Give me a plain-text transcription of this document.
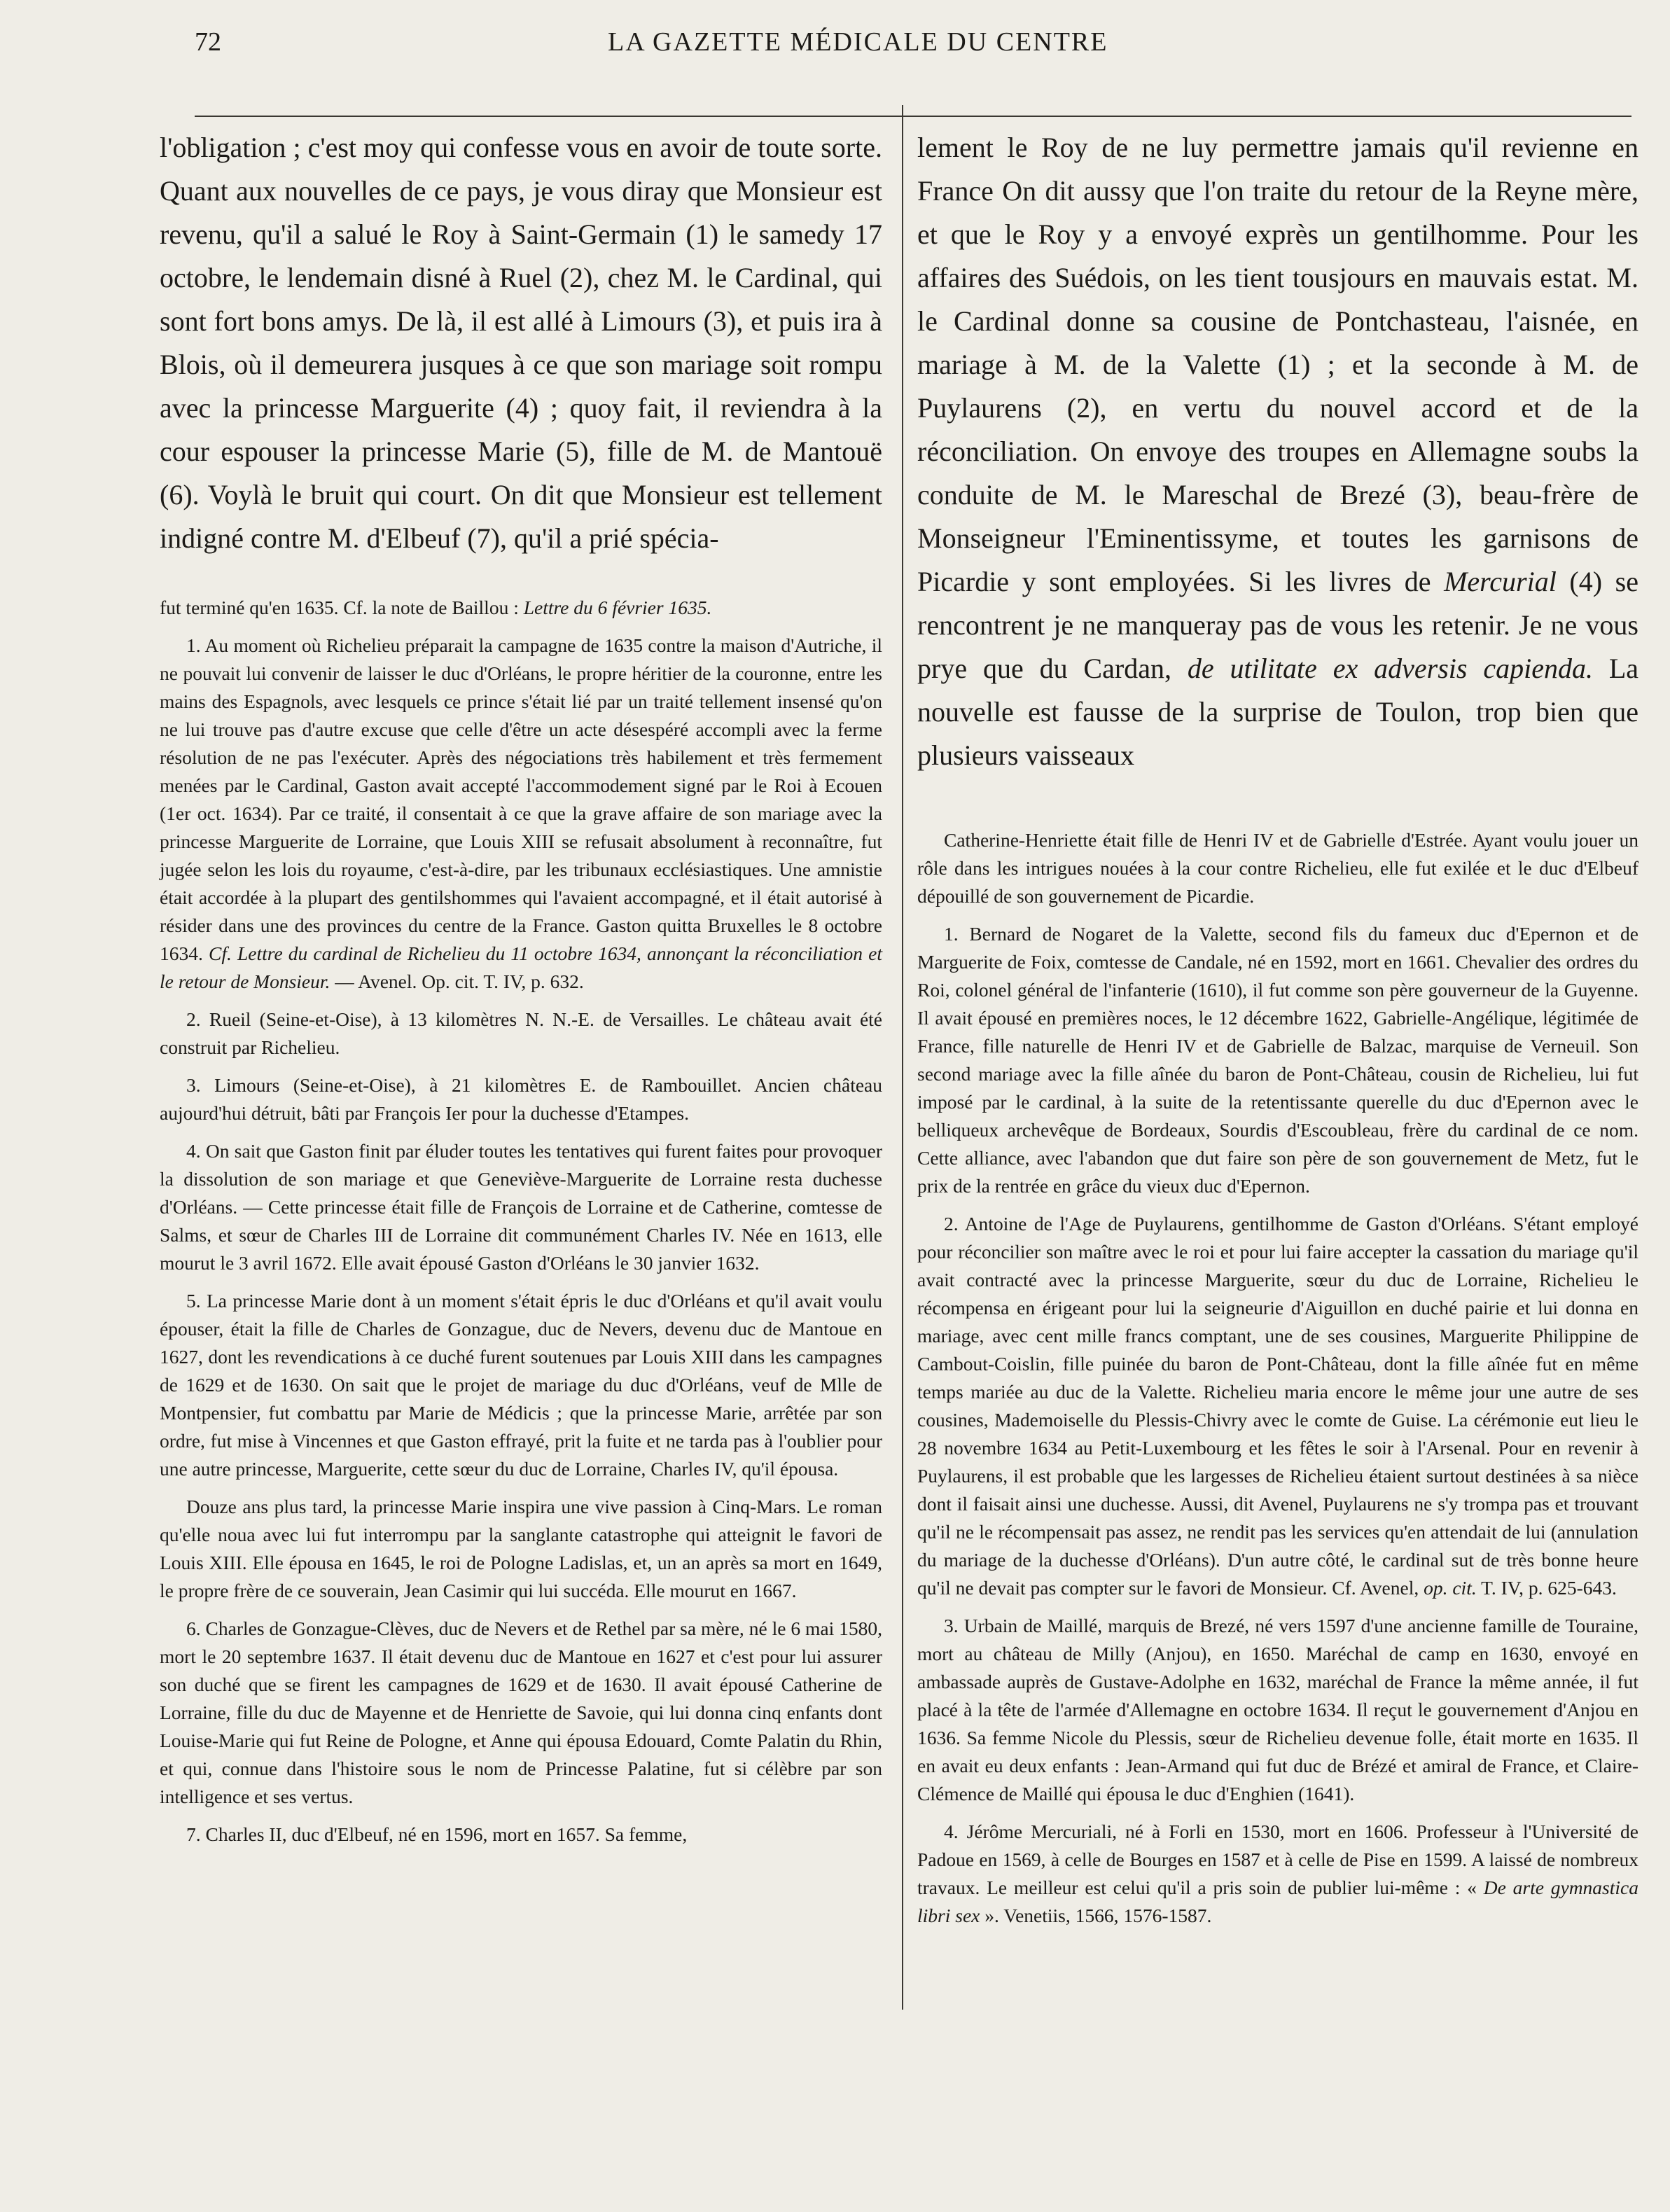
72	LA GAZETTE MÉDICALE DU CENTRE

l'obligation ; c'est moy qui confesse vous en avoir de toute sorte. Quant aux nouvelles de ce pays, je vous diray que Monsieur est revenu, qu'il a salué le Roy à Saint-Germain (1) le samedy 17 octobre, le lendemain disné à Ruel (2), chez M. le Cardinal, qui sont fort bons amys. De là, il est allé à Limours (3), et puis ira à Blois, où il demeurera jusques à ce que son mariage soit rompu avec la princesse Marguerite (4) ; quoy fait, il reviendra à la cour espouser la princesse Marie (5), fille de M. de Mantouë (6). Voylà le bruit qui court. On dit que Monsieur est tellement indigné contre M. d'Elbeuf (7), qu'il a prié spécia-

fut terminé qu'en 1635. Cf. la note de Baillou : Lettre du 6 février 1635.

1. Au moment où Richelieu préparait la campagne de 1635 contre la maison d'Autriche, il ne pouvait lui convenir de laisser le duc d'Orléans, le propre héritier de la couronne, entre les mains des Espagnols, avec lesquels ce prince s'était lié par un traité tellement insensé qu'on ne lui trouve pas d'autre excuse que celle d'être un acte désespéré accompli avec la ferme résolution de ne pas l'exécuter. Après des négociations très habilement et très fermement menées par le Cardinal, Gaston avait accepté l'accommodement signé par le Roi à Ecouen (1er oct. 1634). Par ce traité, il consentait à ce que la grave affaire de son mariage avec la princesse Marguerite de Lorraine, que Louis XIII se refusait absolument à reconnaître, fut jugée selon les lois du royaume, c'est-à-dire, par les tribunaux ecclésiastiques. Une amnistie était accordée à la plupart des gentilshommes qui l'avaient accompagné, et il était autorisé à résider dans une des provinces du centre de la France. Gaston quitta Bruxelles le 8 octobre 1634. Cf. Lettre du cardinal de Richelieu du 11 octobre 1634, annonçant la réconciliation et le retour de Monsieur. — Avenel. Op. cit. T. IV, p. 632.

2. Rueil (Seine-et-Oise), à 13 kilomètres N. N.-E. de Versailles. Le château avait été construit par Richelieu.

3. Limours (Seine-et-Oise), à 21 kilomètres E. de Rambouillet. Ancien château aujourd'hui détruit, bâti par François Ier pour la duchesse d'Etampes.

4. On sait que Gaston finit par éluder toutes les tentatives qui furent faites pour provoquer la dissolution de son mariage et que Geneviève-Marguerite de Lorraine resta duchesse d'Orléans. — Cette princesse était fille de François de Lorraine et de Catherine, comtesse de Salms, et sœur de Charles III de Lorraine dit communément Charles IV. Née en 1613, elle mourut le 3 avril 1672. Elle avait épousé Gaston d'Orléans le 30 janvier 1632.

5. La princesse Marie dont à un moment s'était épris le duc d'Orléans et qu'il avait voulu épouser, était la fille de Charles de Gonzague, duc de Nevers, devenu duc de Mantoue en 1627, dont les revendications à ce duché furent soutenues par Louis XIII dans les campagnes de 1629 et de 1630. On sait que le projet de mariage du duc d'Orléans, veuf de Mlle de Montpensier, fut combattu par Marie de Médicis ; que la princesse Marie, arrêtée par son ordre, fut mise à Vincennes et que Gaston effrayé, prit la fuite et ne tarda pas à l'oublier pour une autre princesse, Marguerite, cette sœur du duc de Lorraine, Charles IV, qu'il épousa.

Douze ans plus tard, la princesse Marie inspira une vive passion à Cinq-Mars. Le roman qu'elle noua avec lui fut interrompu par la sanglante catastrophe qui atteignit le favori de Louis XIII. Elle épousa en 1645, le roi de Pologne Ladislas, et, un an après sa mort en 1649, le propre frère de ce souverain, Jean Casimir qui lui succéda. Elle mourut en 1667.

6. Charles de Gonzague-Clèves, duc de Nevers et de Rethel par sa mère, né le 6 mai 1580, mort le 20 septembre 1637. Il était devenu duc de Mantoue en 1627 et c'est pour lui assurer son duché que se firent les campagnes de 1629 et de 1630. Il avait épousé Catherine de Lorraine, fille du duc de Mayenne et de Henriette de Savoie, qui lui donna cinq enfants dont Louise-Marie qui fut Reine de Pologne, et Anne qui épousa Edouard, Comte Palatin du Rhin, et qui, connue dans l'histoire sous le nom de Princesse Palatine, fut si célèbre par son intelligence et ses vertus.

7. Charles II, duc d'Elbeuf, né en 1596, mort en 1657. Sa femme,

lement le Roy de ne luy permettre jamais qu'il revienne en France On dit aussy que l'on traite du retour de la Reyne mère, et que le Roy y a envoyé exprès un gentilhomme. Pour les affaires des Suédois, on les tient tousjours en mauvais estat. M. le Cardinal donne sa cousine de Pontchasteau, l'aisnée, en mariage à M. de la Valette (1) ; et la seconde à M. de Puylaurens (2), en vertu du nouvel accord et de la réconciliation. On envoye des troupes en Allemagne soubs la conduite de M. le Mareschal de Brezé (3), beau-frère de Monseigneur l'Eminentissyme, et toutes les garnisons de Picardie y sont employées. Si les livres de Mercurial (4) se rencontrent je ne manqueray pas de vous les retenir. Je ne vous prye que du Cardan, de utilitate ex adversis capienda. La nouvelle est fausse de la surprise de Toulon, trop bien que plusieurs vaisseaux

Catherine-Henriette était fille de Henri IV et de Gabrielle d'Estrée. Ayant voulu jouer un rôle dans les intrigues nouées à la cour contre Richelieu, elle fut exilée et le duc d'Elbeuf dépouillé de son gouvernement de Picardie.

1. Bernard de Nogaret de la Valette, second fils du fameux duc d'Epernon et de Marguerite de Foix, comtesse de Candale, né en 1592, mort en 1661. Chevalier des ordres du Roi, colonel général de l'infanterie (1610), il fut comme son père gouverneur de la Guyenne. Il avait épousé en premières noces, le 12 décembre 1622, Gabrielle-Angélique, légitimée de France, fille naturelle de Henri IV et de Gabrielle de Balzac, marquise de Verneuil. Son second mariage avec la fille aînée du baron de Pont-Château, cousin de Richelieu, lui fut imposé par le cardinal, à la suite de la retentissante querelle du duc d'Epernon avec le belliqueux archevêque de Bordeaux, Sourdis d'Escoubleau, frère du cardinal de ce nom. Cette alliance, avec l'abandon que dut faire son père de son gouvernement de Metz, fut le prix de la rentrée en grâce du vieux duc d'Epernon.

2. Antoine de l'Age de Puylaurens, gentilhomme de Gaston d'Orléans. S'étant employé pour réconcilier son maître avec le roi et pour lui faire accepter la cassation du mariage qu'il avait contracté avec la princesse Marguerite, sœur du duc de Lorraine, Richelieu le récompensa en érigeant pour lui la seigneurie d'Aiguillon en duché pairie et lui donna en mariage, avec cent mille francs comptant, une de ses cousines, Marguerite Philippine de Cambout-Coislin, fille puinée du baron de Pont-Château, dont la fille aînée fut en même temps mariée au duc de la Valette. Richelieu maria encore le même jour une autre de ses cousines, Mademoiselle du Plessis-Chivry avec le comte de Guise. La cérémonie eut lieu le 28 novembre 1634 au Petit-Luxembourg et les fêtes le soir à l'Arsenal. Pour en revenir à Puylaurens, il est probable que les largesses de Richelieu étaient surtout destinées à sa nièce dont il faisait ainsi une duchesse. Aussi, dit Avenel, Puylaurens ne s'y trompa pas et trouvant qu'il ne le récompensait pas assez, ne rendit pas les services qu'en attendait de lui (annulation du mariage de la duchesse d'Orléans). D'un autre côté, le cardinal sut de très bonne heure qu'il ne devait pas compter sur le favori de Monsieur. Cf. Avenel, op. cit. T. IV, p. 625-643.

3. Urbain de Maillé, marquis de Brezé, né vers 1597 d'une ancienne famille de Touraine, mort au château de Milly (Anjou), en 1650. Maréchal de camp en 1630, envoyé en ambassade auprès de Gustave-Adolphe en 1632, maréchal de France la même année, il fut placé à la tête de l'armée d'Allemagne en octobre 1634. Il reçut le gouvernement d'Anjou en 1636. Sa femme Nicole du Plessis, sœur de Richelieu devenue folle, était morte en 1635. Il en avait eu deux enfants : Jean-Armand qui fut duc de Brézé et amiral de France, et Claire-Clémence de Maillé qui épousa le duc d'Enghien (1641).

4. Jérôme Mercuriali, né à Forli en 1530, mort en 1606. Professeur à l'Université de Padoue en 1569, à celle de Bourges en 1587 et à celle de Pise en 1599. A laissé de nombreux travaux. Le meilleur est celui qu'il a pris soin de publier lui-même : « De arte gymnastica libri sex ». Venetiis, 1566, 1576-1587.
